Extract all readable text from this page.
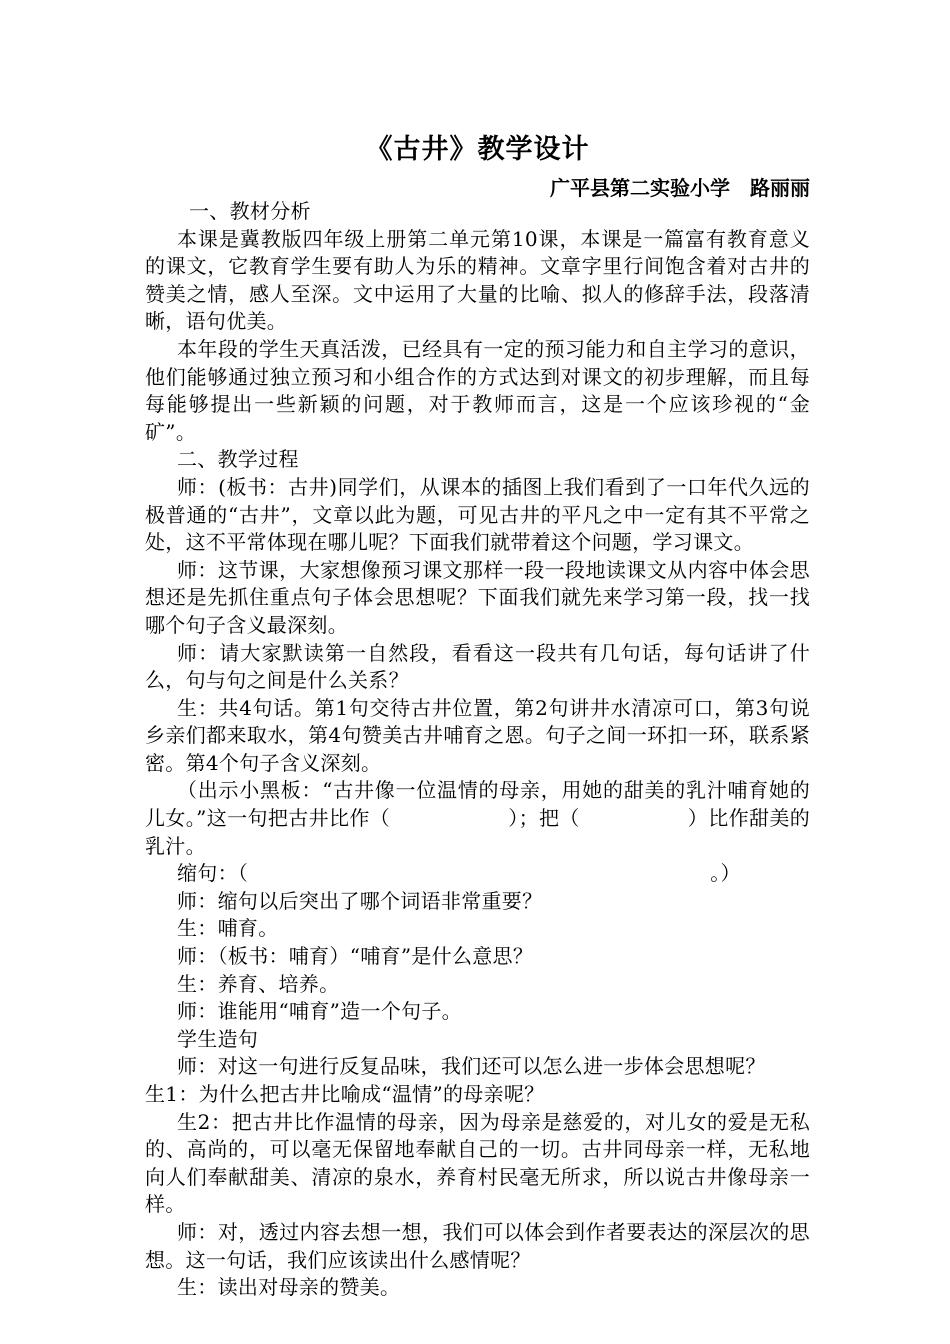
《古井》教学设计
广平县第二实验小学　路丽丽

一、教材分析

本课是冀教版四年级上册第二单元第10课，本课是一篇富有教育意义的课文，它教育学生要有助人为乐的精神。文章字里行间饱含着对古井的赞美之情，感人至深。文中运用了大量的比喻、拟人的修辞手法，段落清晰，语句优美。

本年段的学生天真活泼，已经具有一定的预习能力和自主学习的意识，他们能够通过独立预习和小组合作的方式达到对课文的初步理解，而且每每能够提出一些新颖的问题，对于教师而言，这是一个应该珍视的“金矿”。

二、教学过程

师：(板书：古井)同学们，从课本的插图上我们看到了一口年代久远的极普通的“古井”，文章以此为题，可见古井的平凡之中一定有其不平常之处，这不平常体现在哪儿呢？下面我们就带着这个问题，学习课文。

师：这节课，大家想像预习课文那样一段一段地读课文从内容中体会思想还是先抓住重点句子体会思想呢？下面我们就先来学习第一段，找一找哪个句子含义最深刻。

师：请大家默读第一自然段，看看这一段共有几句话，每句话讲了什么，句与句之间是什么关系？

生：共4句话。第1句交待古井位置，第2句讲井水清凉可口，第3句说乡亲们都来取水，第4句赞美古井哺育之恩。句子之间一环扣一环，联系紧密。第4个句子含义深刻。

（出示小黑板：“古井像一位温情的母亲，用她的甜美的乳汁哺育她的儿女。”这一句把古井比作（	）；把（	）比作甜美的乳汁。

缩句：（	。）

师：缩句以后突出了哪个词语非常重要？

生：哺育。

师：（板书：哺育）“哺育”是什么意思？

生：养育、培养。

师：谁能用“哺育”造一个句子。

学生造句

师：对这一句进行反复品味，我们还可以怎么进一步体会思想呢？

生1：为什么把古井比喻成“温情”的母亲呢？

生2：把古井比作温情的母亲，因为母亲是慈爱的，对儿女的爱是无私的、高尚的，可以毫无保留地奉献自己的一切。古井同母亲一样，无私地向人们奉献甜美、清凉的泉水，养育村民毫无所求，所以说古井像母亲一样。

师：对，透过内容去想一想，我们可以体会到作者要表达的深层次的思想。这一句话，我们应该读出什么感情呢？

生：读出对母亲的赞美。
